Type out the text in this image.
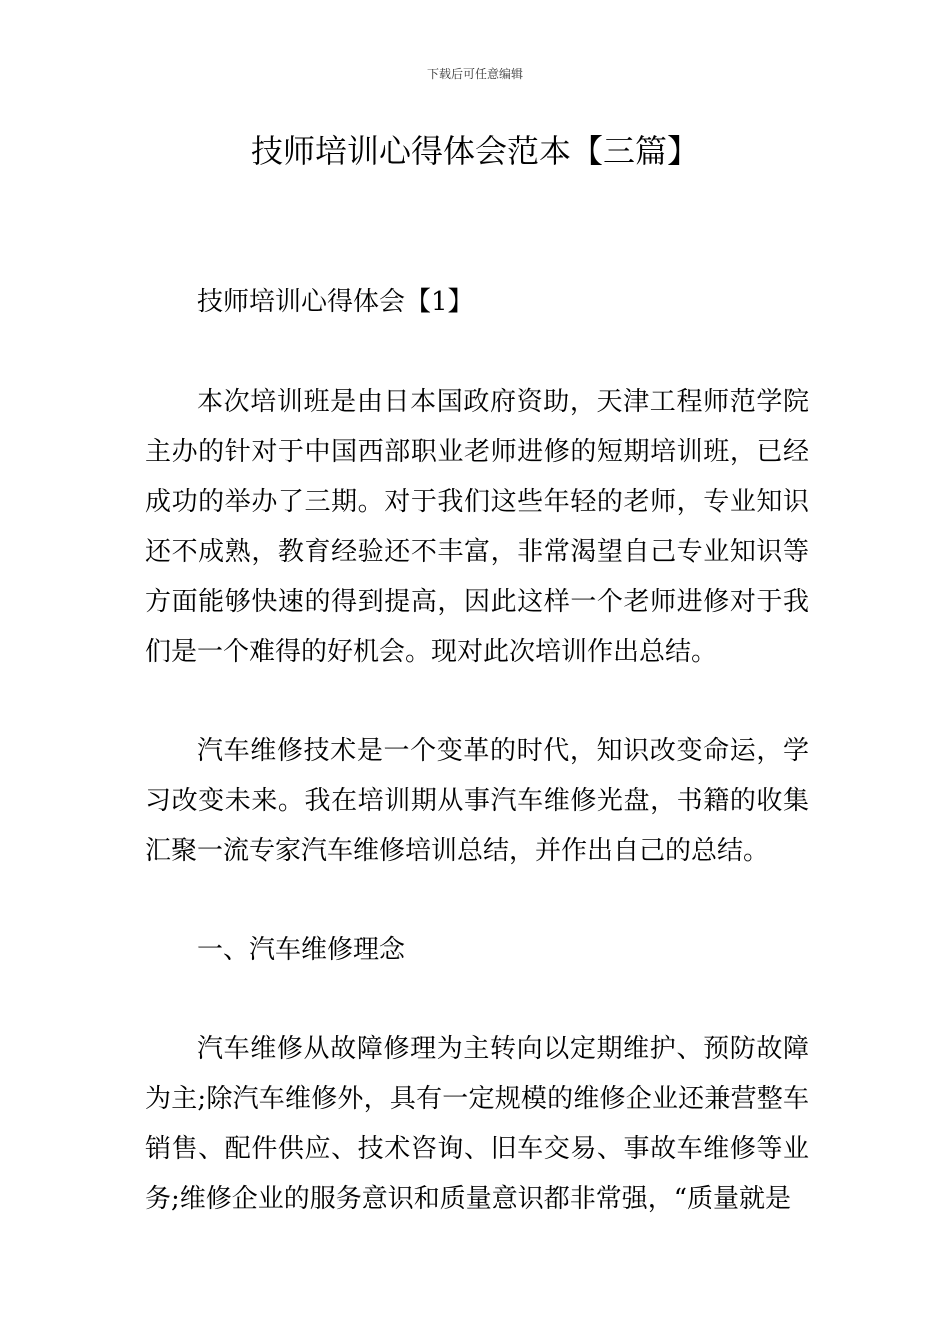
下载后可任意编辑
技师培训心得体会范本【三篇】

技师培训心得体会【1】

本次培训班是由日本国政府资助，天津工程师范学院主办的针对于中国西部职业老师进修的短期培训班，已经成功的举办了三期。对于我们这些年轻的老师，专业知识还不成熟，教育经验还不丰富，非常渴望自己专业知识等方面能够快速的得到提高，因此这样一个老师进修对于我们是一个难得的好机会。现对此次培训作出总结。

汽车维修技术是一个变革的时代，知识改变命运，学习改变未来。我在培训期从事汽车维修光盘，书籍的收集汇聚一流专家汽车维修培训总结，并作出自己的总结。

一、汽车维修理念

汽车维修从故障修理为主转向以定期维护、预防故障为主;除汽车维修外，具有一定规模的维修企业还兼营整车销售、配件供应、技术咨询、旧车交易、事故车维修等业务;维修企业的服务意识和质量意识都非常强，“质量就是
